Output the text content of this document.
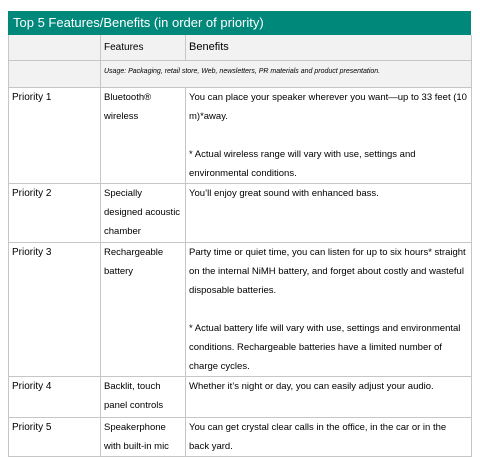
Top 5 Features/Benefits (in order of priority)
	Features	Benefits

	Usage: Packaging, retail store, Web, newsletters, PR materials and product presentation.	

Priority 1	Bluetooth® wireless	You can place your speaker wherever you want—up to 33 feet (10 m)*away.
* Actual wireless range will vary with use, settings and environmental conditions.

Priority 2	Specially designed acoustic chamber	You’ll enjoy great sound with enhanced bass.

Priority 3	Rechargeable battery	Party time or quiet time, you can listen for up to six hours* straight on the internal NiMH battery, and forget about costly and wasteful disposable batteries.
* Actual battery life will vary with use, settings and environmental conditions. Rechargeable batteries have a limited number of charge cycles.

Priority 4	Backlit, touch panel controls	Whether it’s night or day, you can easily adjust your audio.

Priority 5	Speakerphone with built-in mic	You can get crystal clear calls in the office, in the car or in the back yard.
